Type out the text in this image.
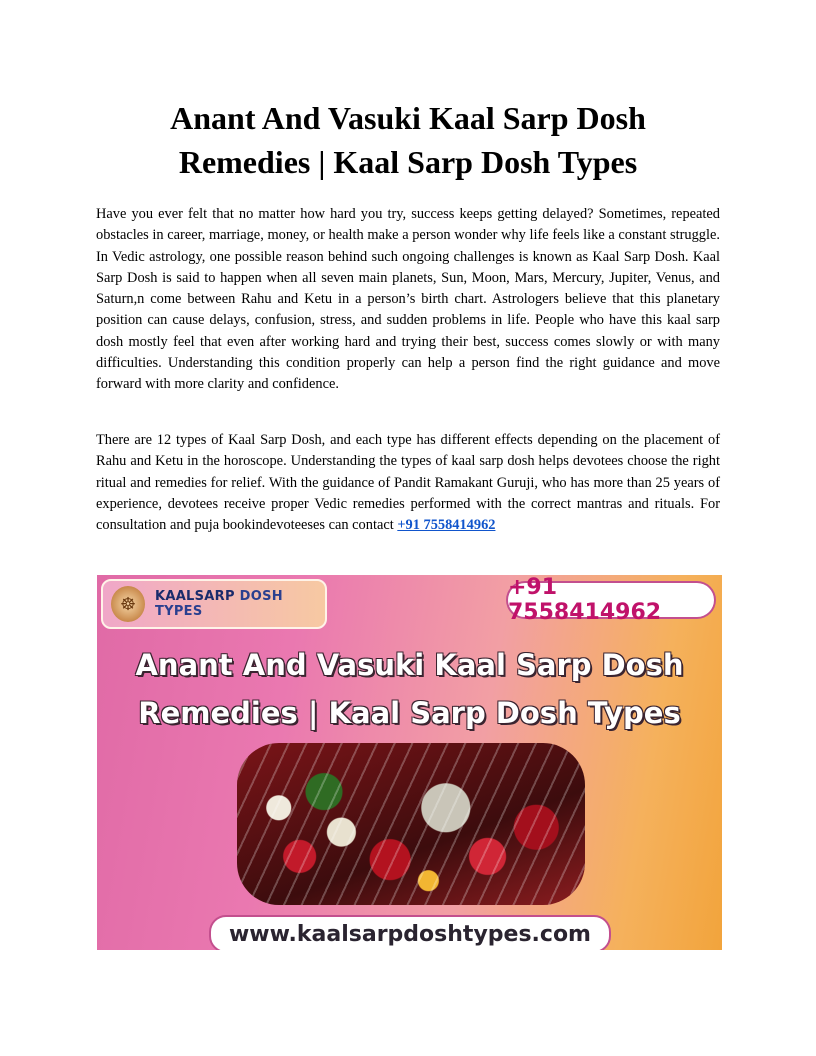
Anant And Vasuki Kaal Sarp Dosh
Remedies | Kaal Sarp Dosh Types

Have you ever felt that no matter how hard you try, success keeps getting delayed? Sometimes, repeated obstacles in career, marriage, money, or health make a person wonder why life feels like a constant struggle. In Vedic astrology, one possible reason behind such ongoing challenges is known as Kaal Sarp Dosh. Kaal Sarp Dosh is said to happen when all seven main planets, Sun, Moon, Mars, Mercury, Jupiter, Venus, and Saturn,n come between Rahu and Ketu in a person’s birth chart. Astrologers believe that this planetary position can cause delays, confusion, stress, and sudden problems in life. People who have this kaal sarp dosh mostly feel that even after working hard and trying their best, success comes slowly or with many difficulties. Understanding this condition properly can help a person find the right guidance and move forward with more clarity and confidence.

There are 12 types of Kaal Sarp Dosh, and each type has different effects depending on the placement of Rahu and Ketu in the horoscope. Understanding the types of kaal sarp dosh helps devotees choose the right ritual and remedies for relief. With the guidance of Pandit Ramakant Guruji, who has more than 25 years of experience, devotees receive proper Vedic remedies performed with the correct mantras and rituals. For consultation and puja bookindevoteeses can contact +91 7558414962

☸	KAALSARP DOSH TYPES
+91 7558414962
Anant And Vasuki Kaal Sarp Dosh
Remedies | Kaal Sarp Dosh Types
www.kaalsarpdoshtypes.com
